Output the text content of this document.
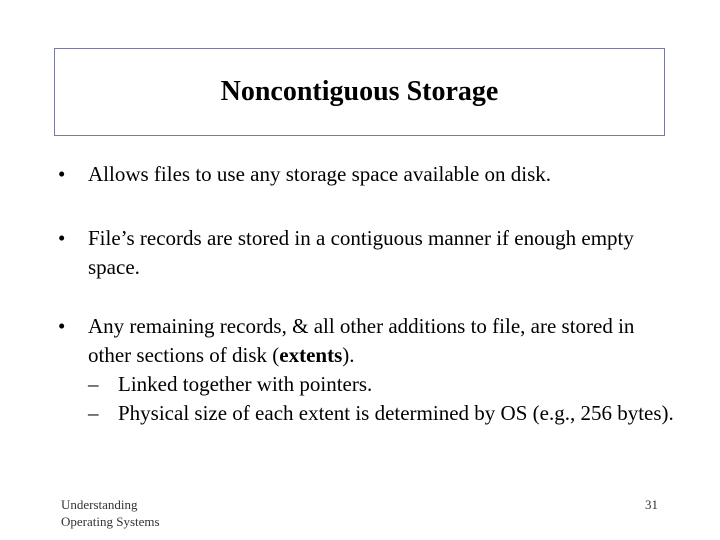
Noncontiguous Storage
•	Allows files to use any storage space available on disk.
•	File’s records are stored in a contiguous manner if enough empty space.
•	Any remaining records, & all other additions to file, are stored in other sections of disk (extents).
– Linked together with pointers.
– Physical size of each extent is determined by OS (e.g., 256 bytes).
Understanding
Operating Systems
31
